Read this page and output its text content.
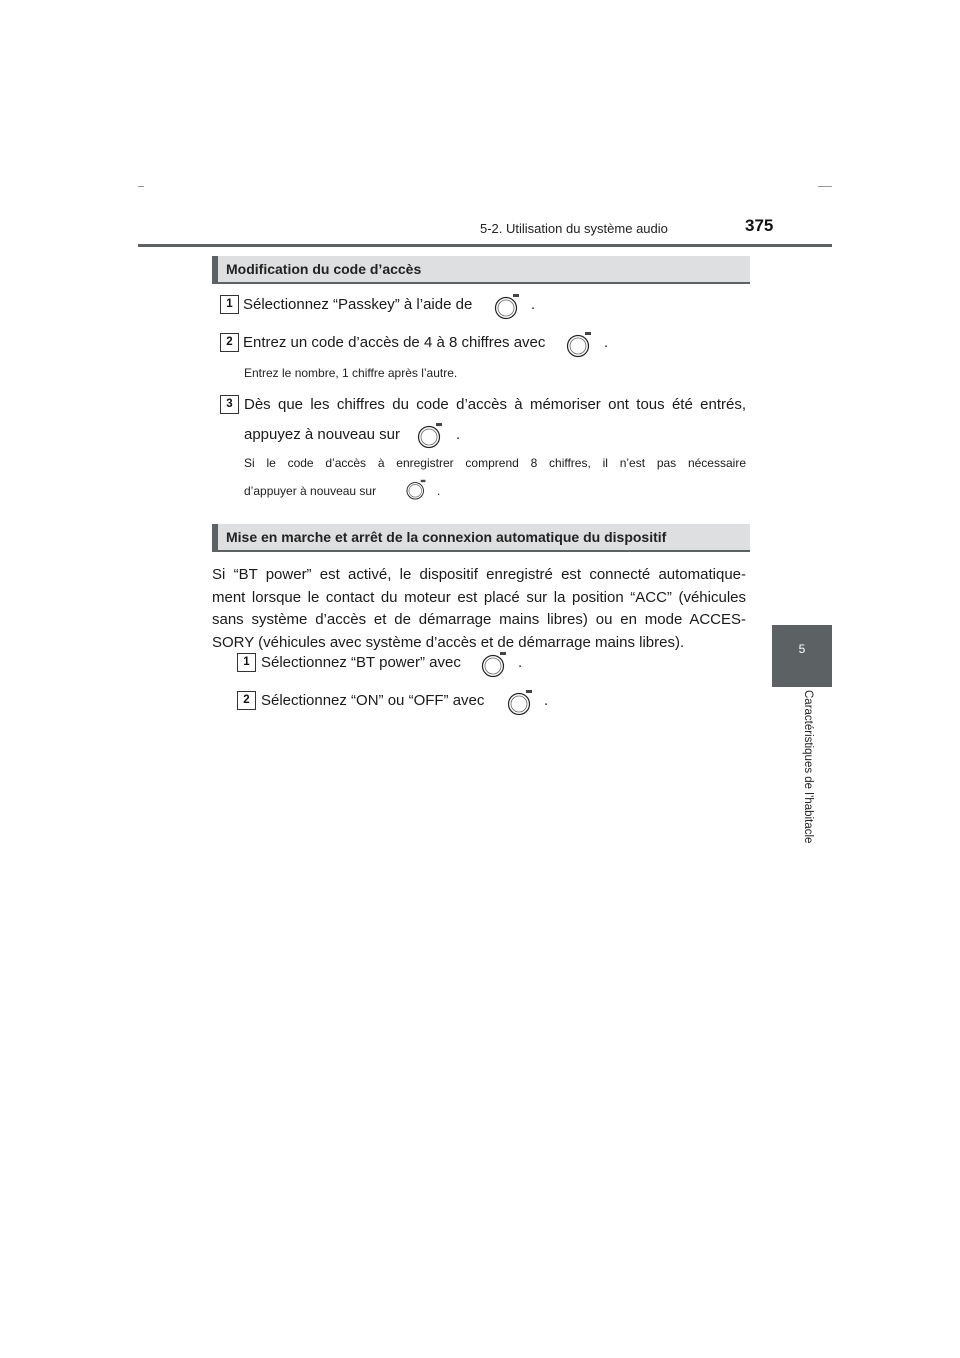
5-2. Utilisation du système audio	375
5
Caractéristiques de l’habitacle
Modification du code d’accès
1 Sélectionnez “Passkey” à l’aide de	.
2 Entrez un code d’accès de 4 à 8 chiffres avec	.
Entrez le nombre, 1 chiffre après l’autre.
3 Dès que les chiffres du code d’accès à mémoriser ont tous été entrés,
appuyez à nouveau sur	.
Si le code d’accès à enregistrer comprend 8 chiffres, il n’est pas nécessaire
d’appuyer à nouveau sur	.
Mise en marche et arrêt de la connexion automatique du dispositif
Si “BT power” est activé, le dispositif enregistré est connecté automatique-
ment lorsque le contact du moteur est placé sur la position “ACC” (véhicules
sans système d’accès et de démarrage mains libres) ou en mode ACCES-
SORY (véhicules avec système d’accès et de démarrage mains libres).
1 Sélectionnez “BT power” avec	.
2 Sélectionnez “ON” ou “OFF” avec	.
